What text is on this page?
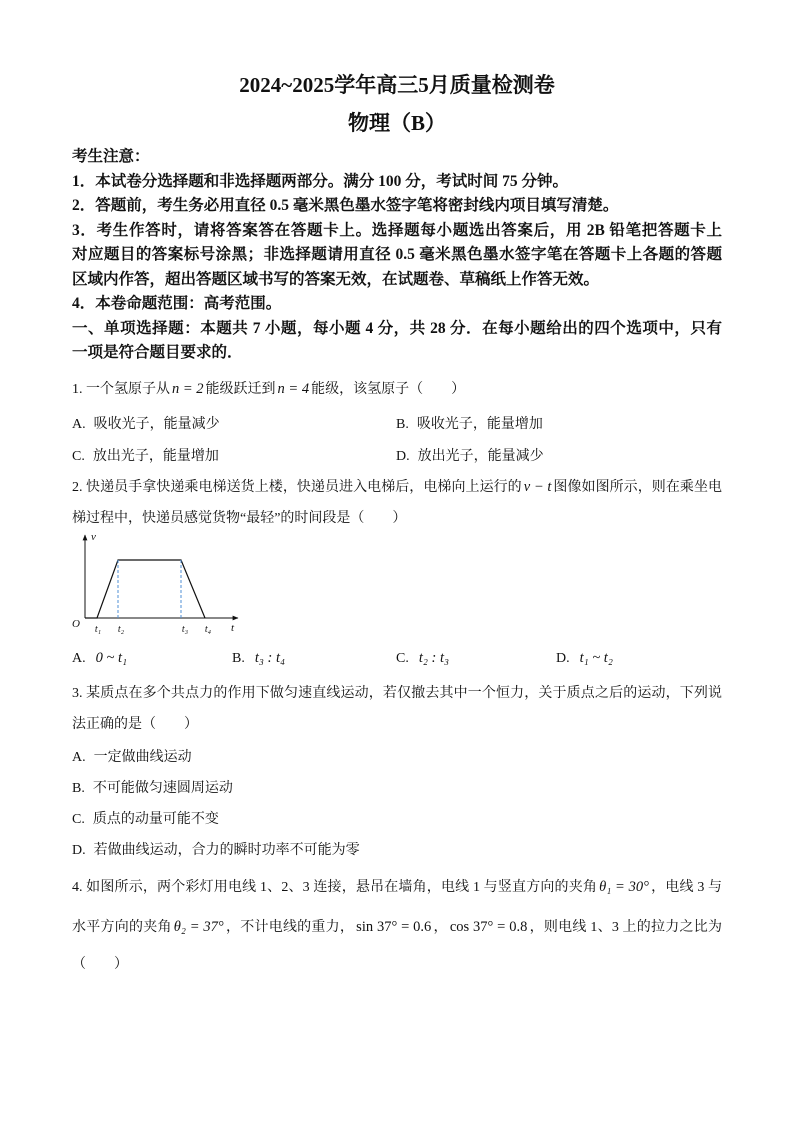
2024~2025学年高三5月质量检测卷
物理（B）
考生注意：
1．本试卷分选择题和非选择题两部分。满分 100 分，考试时间 75 分钟。
2．答题前，考生务必用直径 0.5 毫米黑色墨水签字笔将密封线内项目填写清楚。
3．考生作答时，请将答案答在答题卡上。选择题每小题选出答案后，用 2B 铅笔把答题卡上
对应题目的答案标号涂黑；非选择题请用直径 0.5 毫米黑色墨水签字笔在答题卡上各题的答题
区域内作答，超出答题区域书写的答案无效，在试题卷、草稿纸上作答无效。
4．本卷命题范围：高考范围。
一、单项选择题：本题共 7 小题，每小题 4 分，共 28 分．在每小题给出的四个选项中，只有
一项是符合题目要求的．
1. 一个氢原子从 n = 2 能级跃迁到 n = 4 能级，该氢原子（　　）
A. 吸收光子，能量减少	B. 吸收光子，能量增加
C. 放出光子，能量增加	D. 放出光子，能量减少
2. 快递员手拿快递乘电梯送货上楼，快递员进入电梯后，电梯向上运行的 v − t 图像如图所示，则在乘坐电
梯过程中，快递员感觉货物“最轻”的时间段是（　　）
v
O	t
t₁ t₂	t₃ t₄
A. 0 ~ t₁	B. t₃ : t₄	C. t₂ : t₃	D. t₁ ~ t₂
3. 某质点在多个共点力的作用下做匀速直线运动，若仅撤去其中一个恒力，关于质点之后的运动，下列说
法正确的是（　　）
A. 一定做曲线运动
B. 不可能做匀速圆周运动
C. 质点的动量可能不变
D. 若做曲线运动，合力的瞬时功率不可能为零
4. 如图所示，两个彩灯用电线 1、2、3 连接，悬吊在墙角，电线 1 与竖直方向的夹角 θ₁ = 30° ，电线 3 与
水平方向的夹角 θ₂ = 37° ，不计电线的重力， sin 37° = 0.6 ， cos 37° = 0.8 ，则电线 1、3 上的拉力之比为
（　　）
